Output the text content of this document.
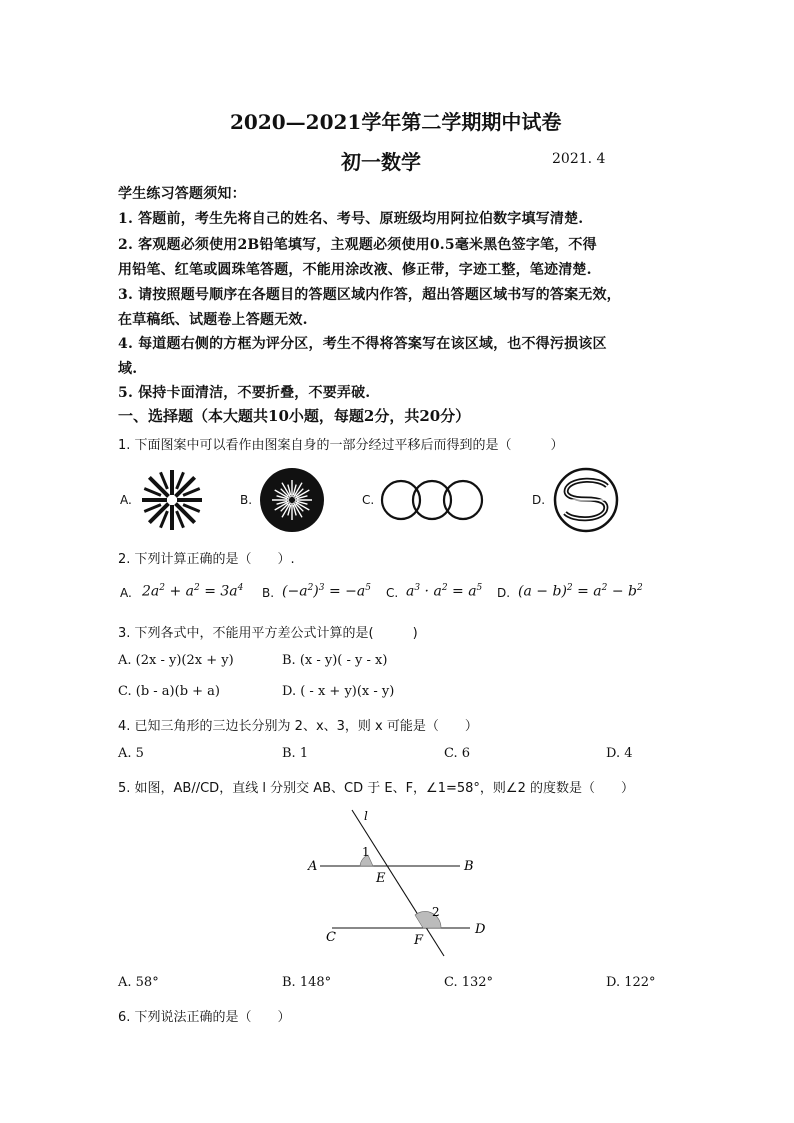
2020—2021学年第二学期期中试卷
初一数学	2021. 4
学生练习答题须知：
1. 答题前，考生先将自己的姓名、考号、原班级均用阿拉伯数字填写清楚.
2. 客观题必须使用2B铅笔填写，主观题必须使用0.5毫米黑色签字笔，不得
用铅笔、红笔或圆珠笔答题，不能用涂改液、修正带，字迹工整，笔迹清楚.
3. 请按照题号顺序在各题目的答题区域内作答，超出答题区域书写的答案无效，
在草稿纸、试题卷上答题无效.
4. 每道题右侧的方框为评分区，考生不得将答案写在该区域，也不得污损该区
域.
5. 保持卡面清洁，不要折叠，不要弄破.
一、选择题（本大题共10小题，每题2分，共20分）
1. 下面图案中可以看作由图案自身的一部分经过平移后而得到的是（　　　）
A.	B.	C.	D.
2. 下列计算正确的是（　　）.
A. $2a^2 + a^2 = 3a^4$ B. $(-a^2)^3 = -a^5$ C. $a^3 \cdot a^2 = a^5$ D. $(a - b)^2 = a^2 - b^2$
3. 下列各式中，不能用平方差公式计算的是(　　　)
A. (2x - y)(2x + y)	B. (x - y)( - y - x)
C. (b - a)(b + a)	D. ( - x + y)(x - y)
4. 已知三角形的三边长分别为 2、x、3，则 x 可能是（　　）
A. 5	B. 1	C. 6	D. 4
5. 如图，AB//CD，直线 l 分别交 AB、CD 于 E、F，∠1=58°，则∠2 的度数是（　　）
l
A	B
1
E
2
C
D
F
A. 58°	B. 148°	C. 132°	D. 122°
6. 下列说法正确的是（　　）
